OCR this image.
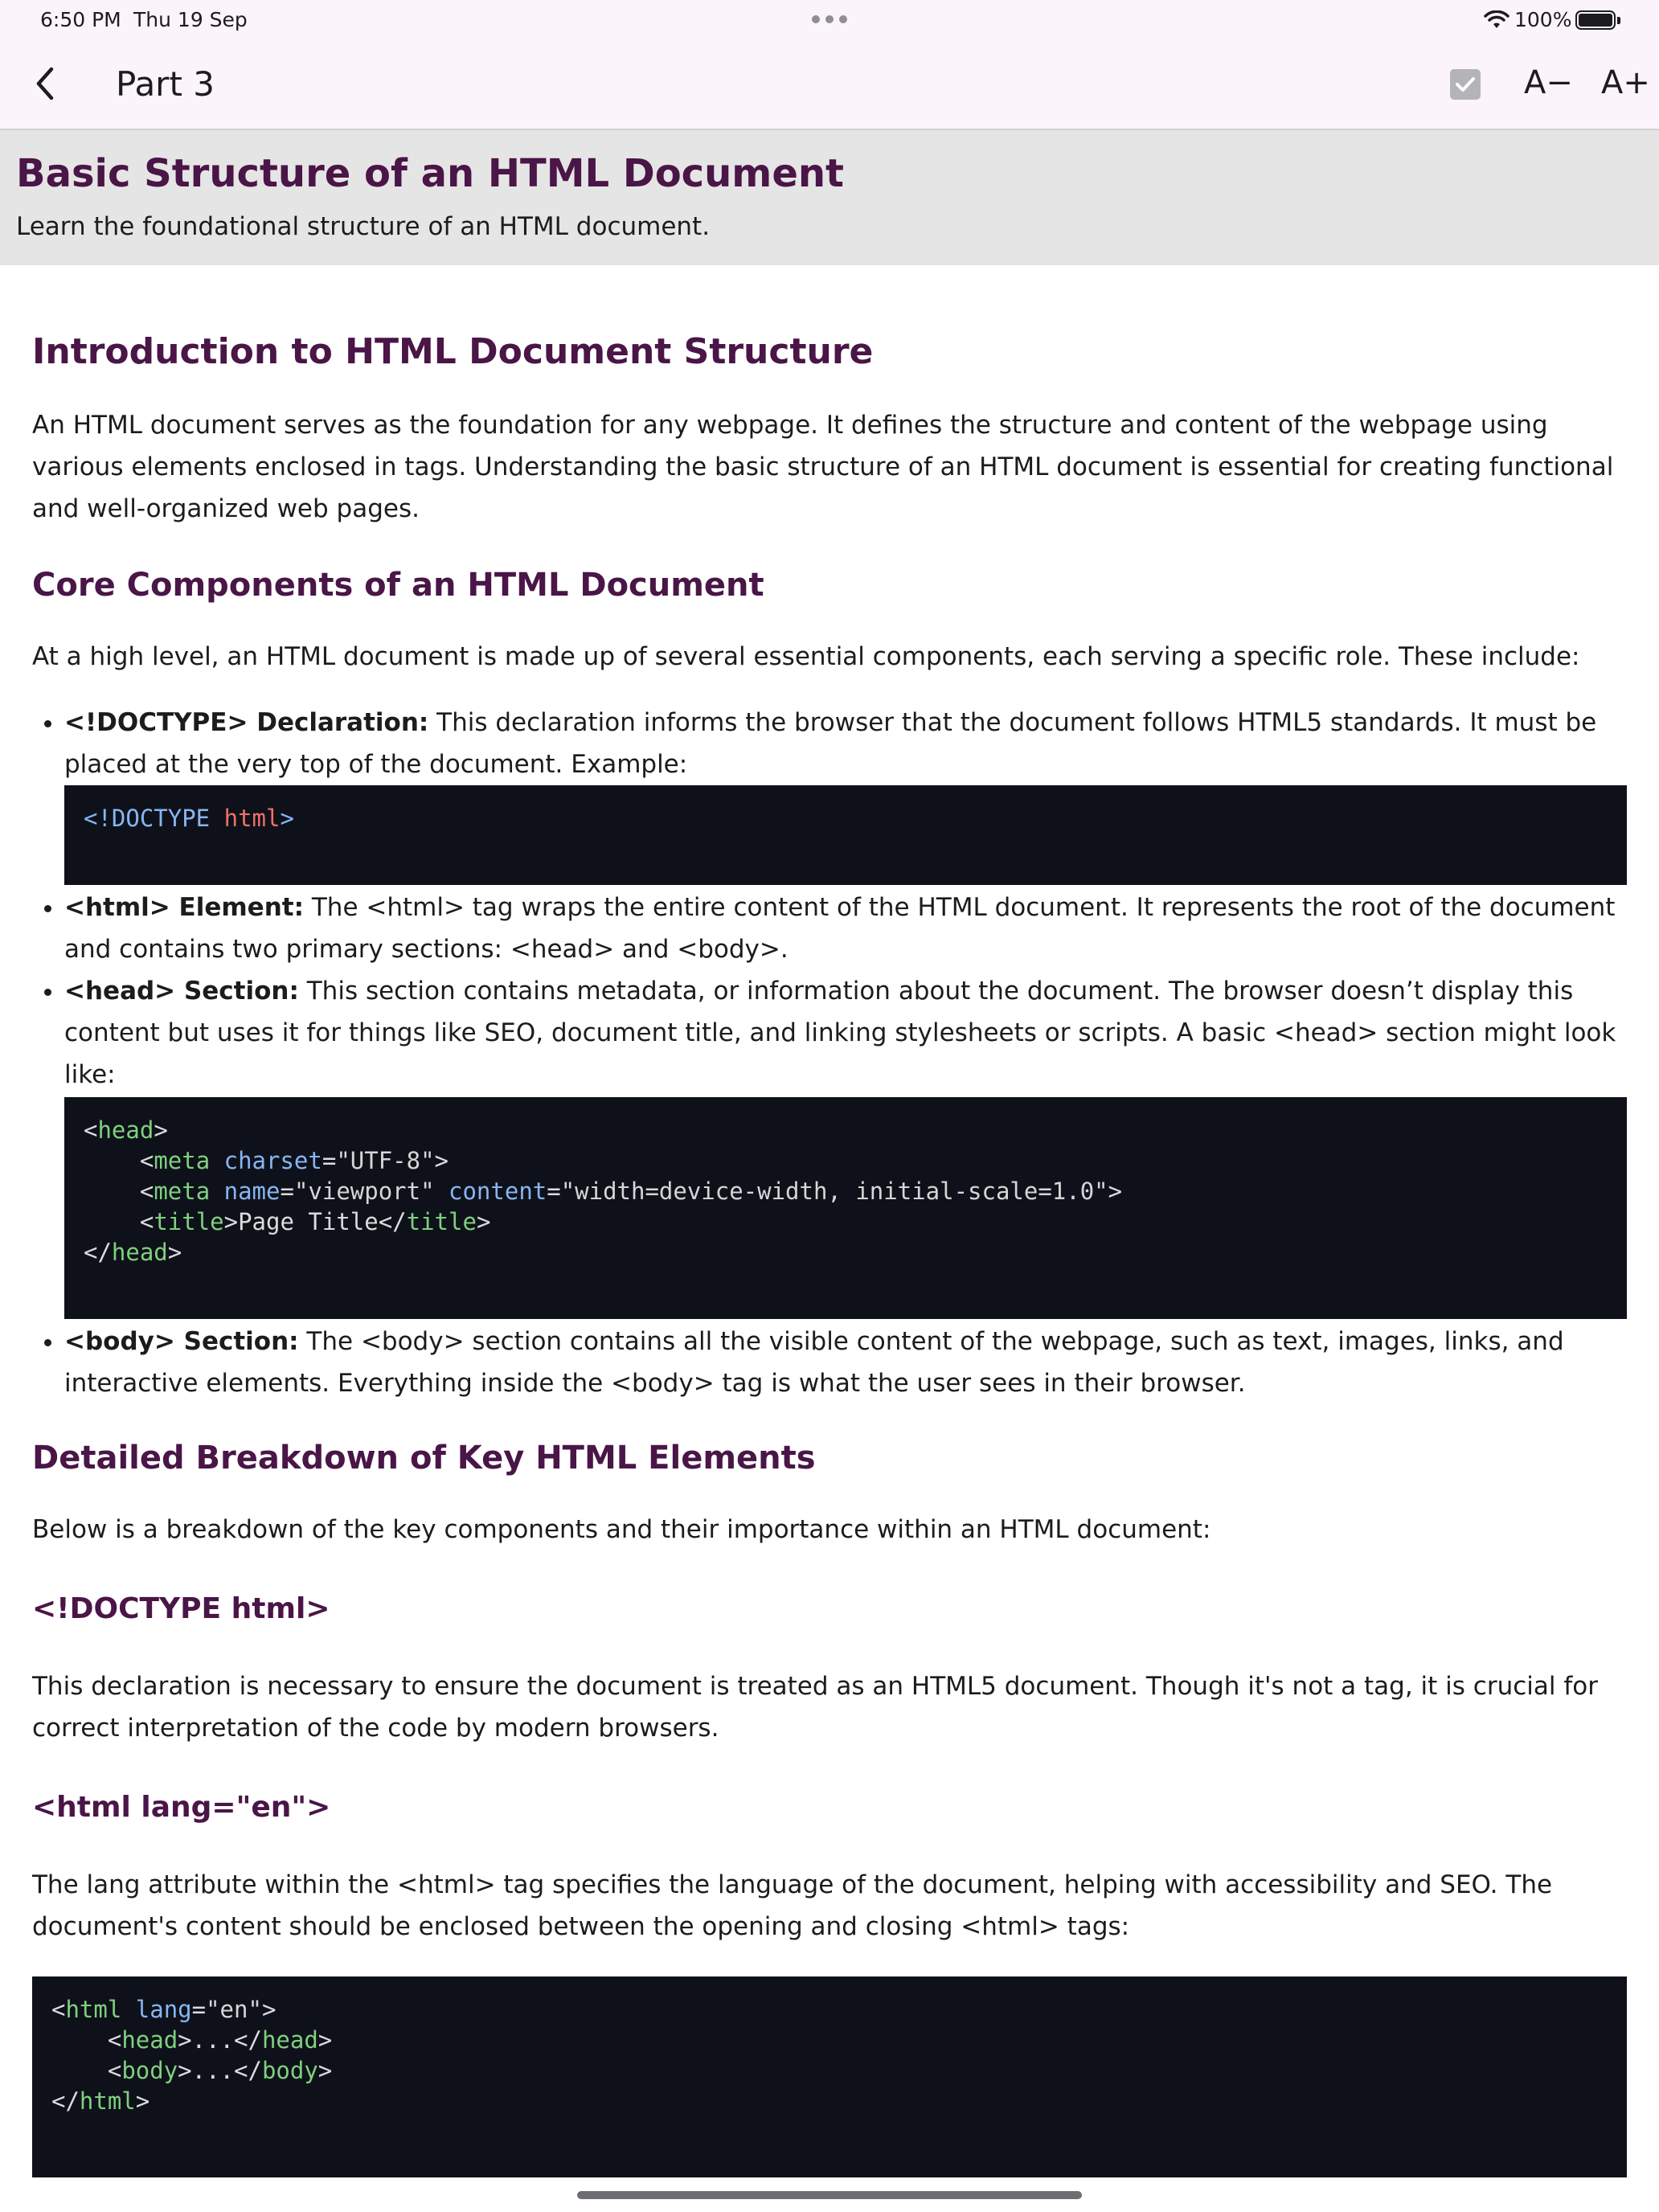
6:50 PM Thu 19 Sep	100%
Part 3	A− A+
Basic Structure of an HTML Document

Learn the foundational structure of an HTML document.

Introduction to HTML Document Structure

An HTML document serves as the foundation for any webpage. It defines the structure and content of the webpage using various elements enclosed in tags. Understanding the basic structure of an HTML document is essential for creating functional and well-organized web pages.

Core Components of an HTML Document

At a high level, an HTML document is made up of several essential components, each serving a specific role. These include:

• <!DOCTYPE> Declaration: This declaration informs the browser that the document follows HTML5 standards. It must be placed at the very top of the document. Example:
<!DOCTYPE html>
• <html> Element: The <html> tag wraps the entire content of the HTML document. It represents the root of the document and contains two primary sections: <head> and <body>.
• <head> Section: This section contains metadata, or information about the document. The browser doesn’t display this content but uses it for things like SEO, document title, and linking stylesheets or scripts. A basic <head> section might look like:
<head>
<meta charset="UTF-8">
<meta name="viewport" content="width=device-width, initial-scale=1.0">
<title>Page Title</title>
</head>
• <body> Section: The <body> section contains all the visible content of the webpage, such as text, images, links, and interactive elements. Everything inside the <body> tag is what the user sees in their browser.
Detailed Breakdown of Key HTML Elements

Below is a breakdown of the key components and their importance within an HTML document:

<!DOCTYPE html>

This declaration is necessary to ensure the document is treated as an HTML5 document. Though it's not a tag, it is crucial for correct interpretation of the code by modern browsers.

<html lang="en">

The lang attribute within the <html> tag specifies the language of the document, helping with accessibility and SEO. The document's content should be enclosed between the opening and closing <html> tags:

<html lang="en">
<head>...</head>
<body>...</body>
</html>
